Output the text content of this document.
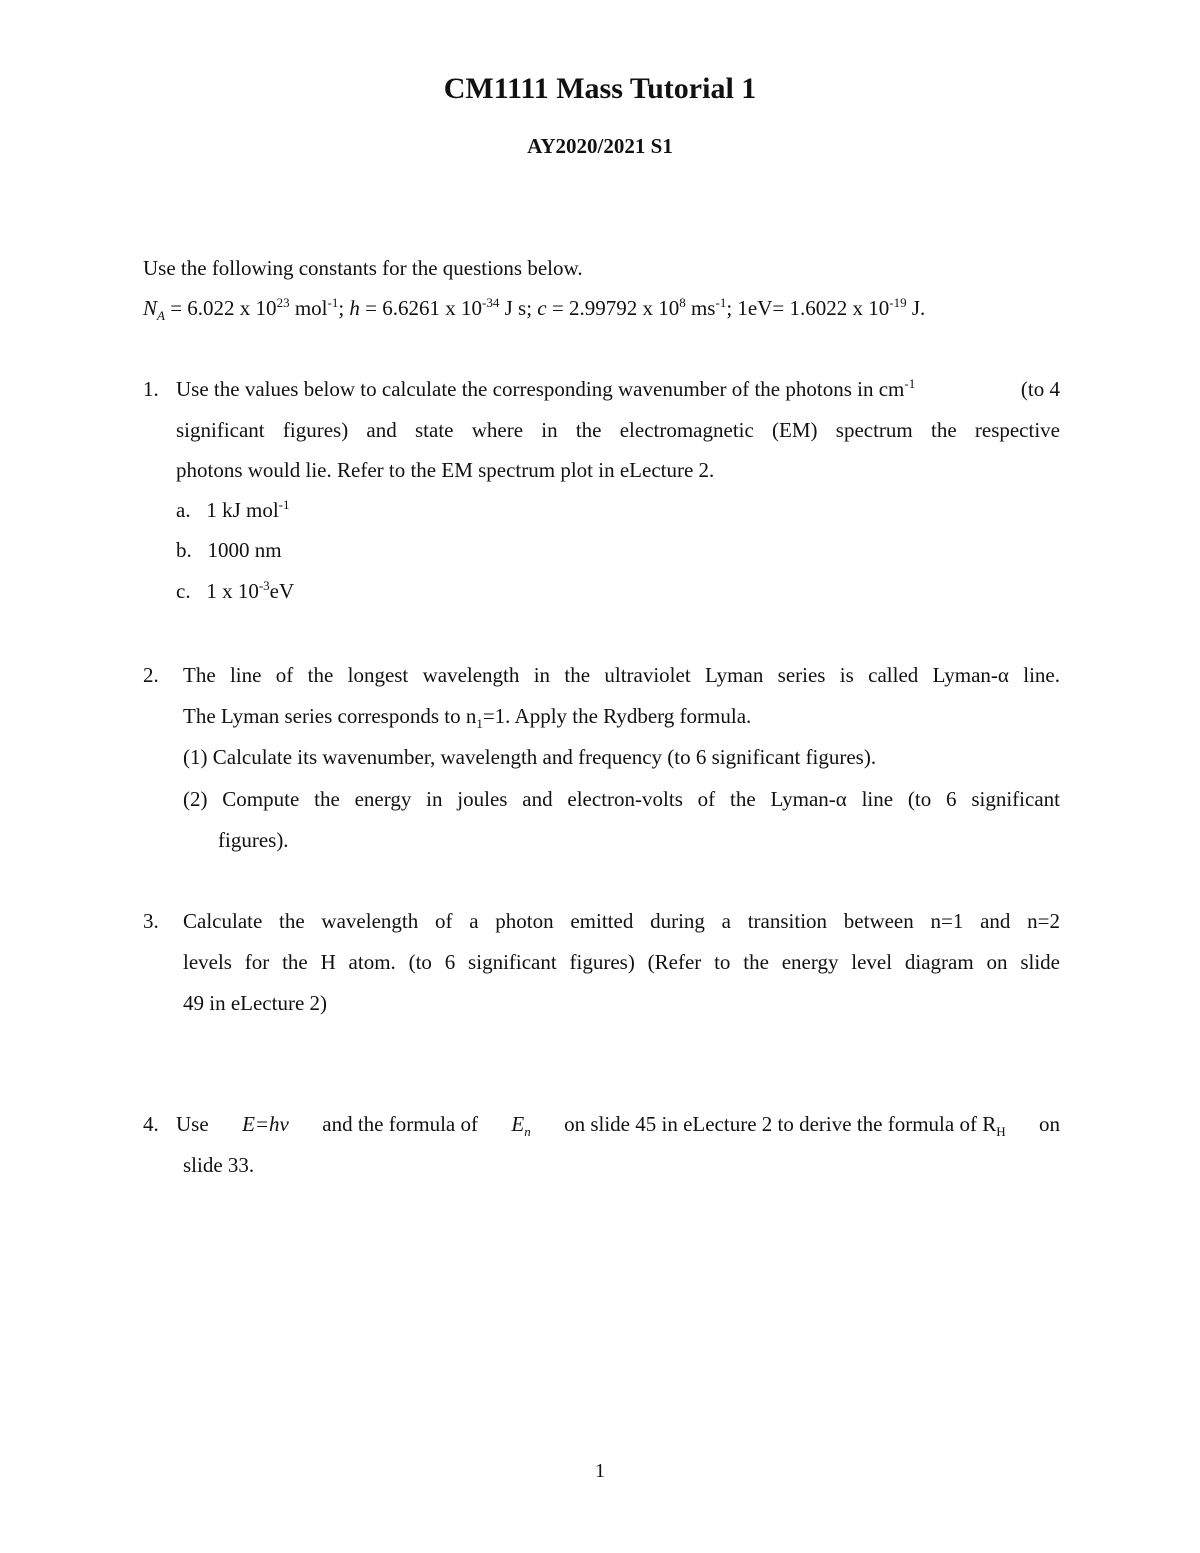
CM1111 Mass Tutorial 1
AY2020/2021 S1
Use the following constants for the questions below.
$N_A = 6.022$ x $10^{23}$ mol$^{-1}$; h = 6.6261 x $10^{-34}$ J s; c = 2.99792 x $10^8$ $ms^{-1}$; 1eV= 1.6022 x $10^{-19}$ J.
1. Use the values below to calculate the corresponding wavenumber of the photons in $cm^{-1}$	(to 4
significant figures) and state where in the electromagnetic (EM) spectrum the respective
photons would lie. Refer to the EM spectrum plot in eLecture 2.
a. 1 kJ mol$^{-1}$
b. 1000 nm
c. 1 x $10^{-3}eV$
2. The line of the longest wavelength in the ultraviolet Lyman series is called Lyman-α line.
The Lyman series corresponds to $n_1=1$. Apply the Rydberg formula.
(1) Calculate its wavenumber, wavelength and frequency (to 6 significant figures).
(2) Compute the energy in joules and electron-volts of the Lyman-α line (to 6 significant
figures).
3. Calculate the wavelength of a photon emitted during a transition between n=1 and n=2
levels for the H atom. (to 6 significant figures) (Refer to the energy level diagram on slide
49 in eLecture 2)
4. Use E=hν and the formula of $E_n$ on slide 45 in eLecture 2 to derive the formula of $R_H$ on
slide 33.
1
